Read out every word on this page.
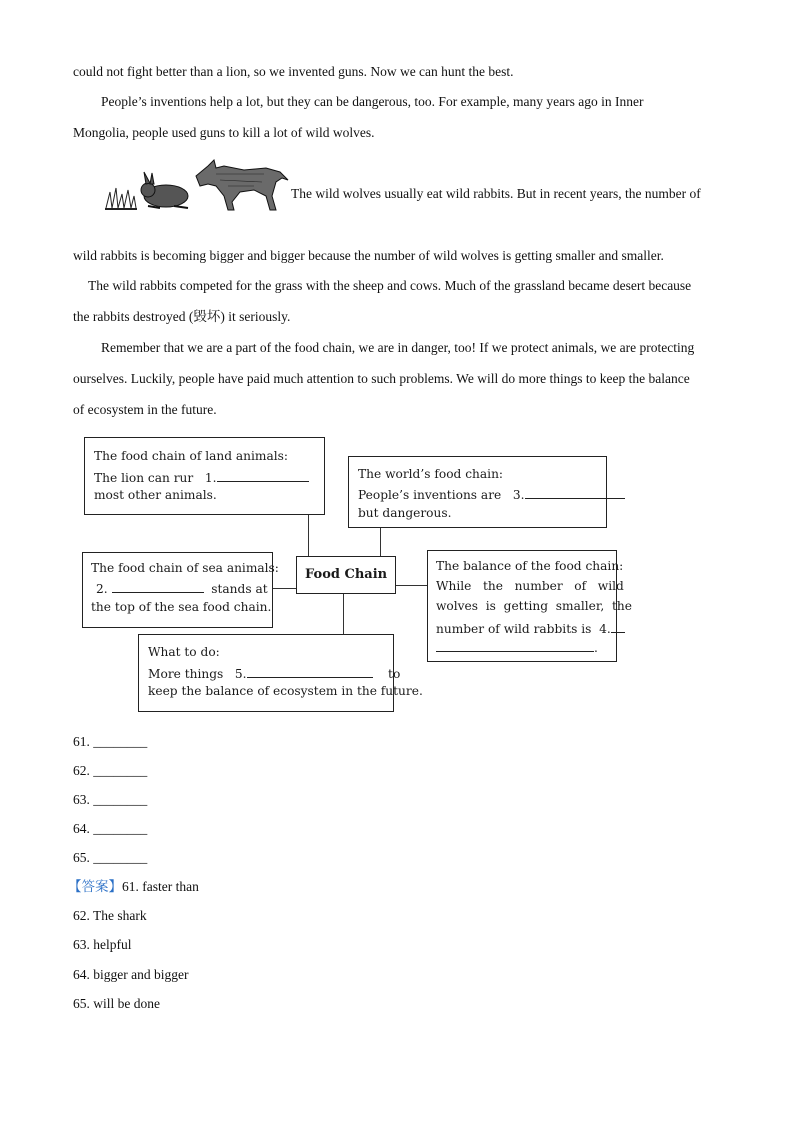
could not fight better than a lion, so we invented guns. Now we can hunt the best.
People’s inventions help a lot, but they can be dangerous, too. For example, many years ago in Inner
Mongolia, people used guns to kill a lot of wild wolves.
The wild wolves usually eat wild rabbits. But in recent years, the number of
wild rabbits is becoming bigger and bigger because the number of wild wolves is getting smaller and smaller.
The wild rabbits competed for the grass with the sheep and cows. Much of the grassland became desert because
the rabbits destroyed (毁坏) it seriously.
Remember that we are a part of the food chain, we are in danger, too! If we protect animals, we are protecting
ourselves. Luckily, people have paid much attention to such problems. We will do more things to keep the balance
of ecosystem in the future.
The food chain of land animals:
The lion can rur 1.
most other animals.
The world’s food chain:
People’s inventions are 3.
but dangerous.
Food Chain
The food chain of sea animals:
2.	stands at
the top of the sea food chain.
The balance of the food chain:
While   the   number   of   wild
wolves  is  getting  smaller,  the
number of wild rabbits is 4.
.
What to do:
More things 5.	to
keep the balance of ecosystem in the future.
61. ________
62. ________
63. ________
64. ________
65. ________
【答案】61. faster than
62. The shark
63. helpful
64. bigger and bigger
65. will be done
